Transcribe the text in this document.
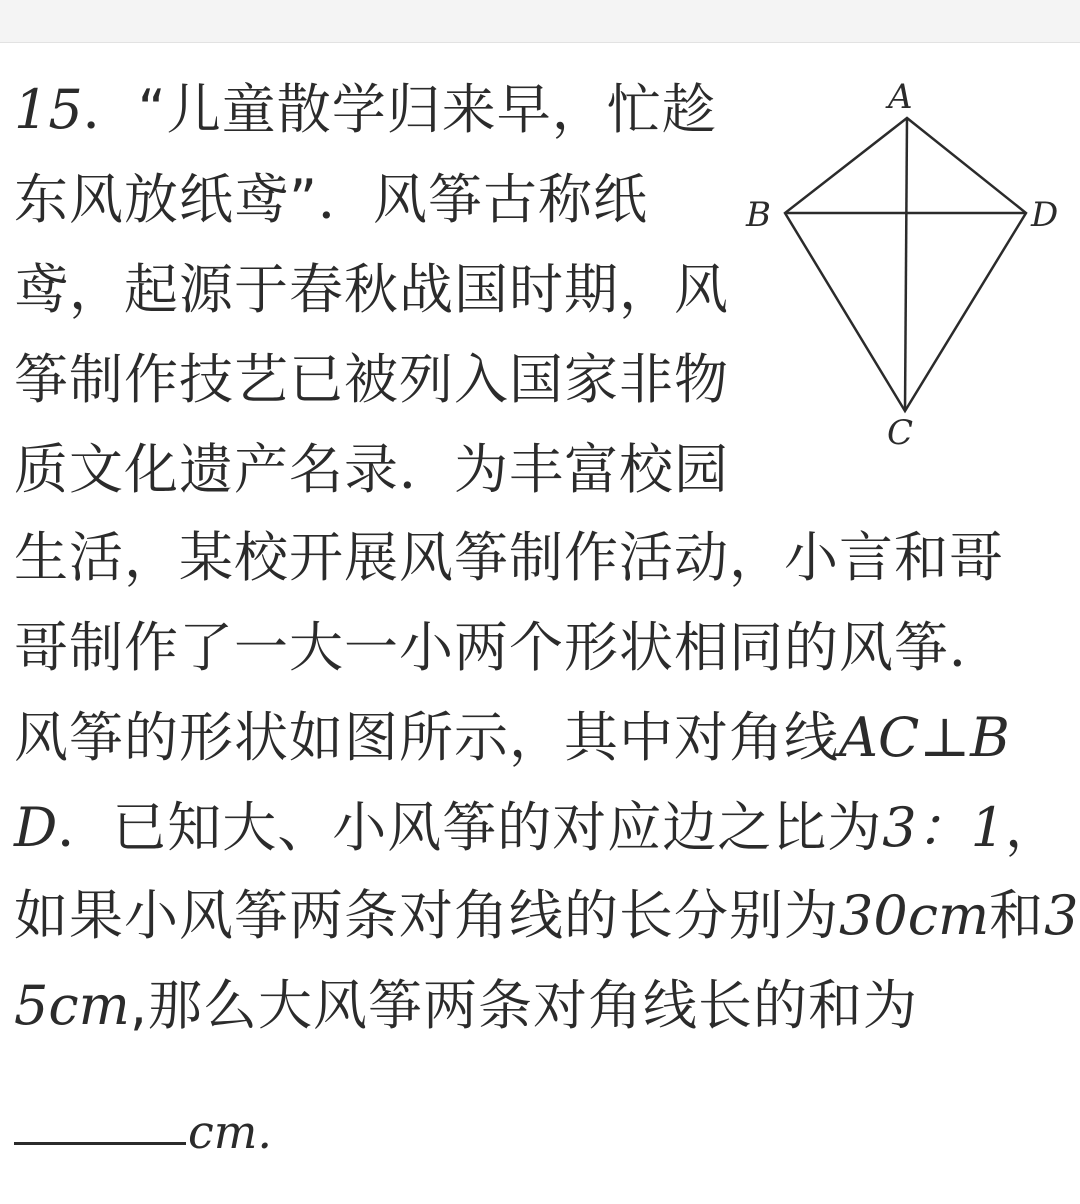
15．“儿童散学归来早，忙趁
东风放纸鸢”．风筝古称纸
鸢，起源于春秋战国时期，风
筝制作技艺已被列入国家非物
质文化遗产名录．为丰富校园
生活，某校开展风筝制作活动，小言和哥
哥制作了一大一小两个形状相同的风筝．
风筝的形状如图所示，其中对角线AC⊥B
D．已知大、小风筝的对应边之比为3：1，
如果小风筝两条对角线的长分别为30cm和3
5cm,那么大风筝两条对角线长的和为
cm.
A
B	D
C
